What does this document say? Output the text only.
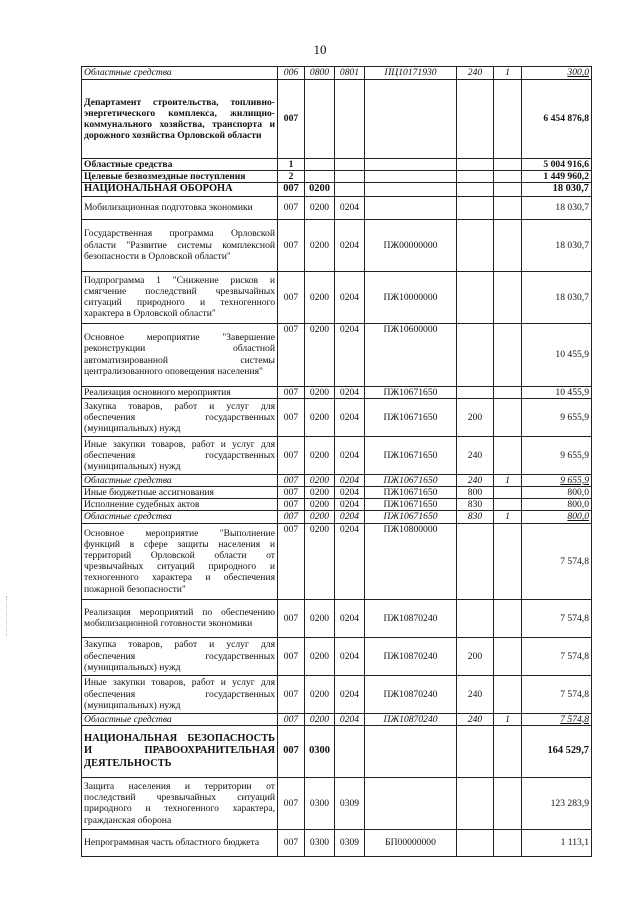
10
Областные средства	006	0800	0801	ПЦ10171930	240	1	300,0
Департамент строительства, топливно-энергетического комплекса, жилищно-коммунального хозяйства, транспорта и дорожного хозяйства Орловской области	007						6 454 876,8
Областные средства	1						5 004 916,6
Целевые безвозмездные поступления	2						1 449 960,2
НАЦИОНАЛЬНАЯ ОБОРОНА	007	0200					18 030,7
Мобилизационная подготовка экономики	007	0200	0204				18 030,7
Государственная программа Орловской области "Развитие системы комплексной безопасности в Орловской области"	007	0200	0204	ПЖ00000000			18 030,7
Подпрограмма 1 "Снижение рисков и смягчение последствий чрезвычайных ситуаций природного и техногенного характера в Орловской области"	007	0200	0204	ПЖ10000000			18 030,7
Основное мероприятие "Завершение реконструкции областной автоматизированной системы централизованного оповещения населения"	007	0200	0204	ПЖ10600000			10 455,9
Реализация основного мероприятия	007	0200	0204	ПЖ10671650			10 455,9
Закупка товаров, работ и услуг для обеспечения государственных (муниципальных) нужд	007	0200	0204	ПЖ10671650	200		9 655,9
Иные закупки товаров, работ и услуг для обеспечения государственных (муниципальных) нужд	007	0200	0204	ПЖ10671650	240		9 655,9
Областные средства	007	0200	0204	ПЖ10671650	240	1	9 655,9
Иные бюджетные ассигнования	007	0200	0204	ПЖ10671650	800		800,0
Исполнение судебных актов	007	0200	0204	ПЖ10671650	830		800,0
Областные средства	007	0200	0204	ПЖ10671650	830	1	800,0
Основное мероприятие "Выполнение функций в сфере защиты населения и территорий Орловской области от чрезвычайных ситуаций природного и техногенного характера и обеспечения пожарной безопасности"	007	0200	0204	ПЖ10800000			7 574,8
Реализация мероприятий по обеспечению мобилизационной готовности экономики	007	0200	0204	ПЖ10870240			7 574,8
Закупка товаров, работ и услуг для обеспечения государственных (муниципальных) нужд	007	0200	0204	ПЖ10870240	200		7 574,8
Иные закупки товаров, работ и услуг для обеспечения государственных (муниципальных) нужд	007	0200	0204	ПЖ10870240	240		7 574,8
Областные средства	007	0200	0204	ПЖ10870240	240	1	7 574,8
НАЦИОНАЛЬНАЯ БЕЗОПАСНОСТЬ И ПРАВООХРАНИТЕЛЬНАЯ ДЕЯТЕЛЬНОСТЬ	007	0300					164 529,7
Защита населения и территории от последствий чрезвычайных ситуаций природного и техногенного характера, гражданская оборона	007	0300	0309				123 283,9
Непрограммная часть областного бюджета	007	0300	0309	БП00000000			1 113,1
